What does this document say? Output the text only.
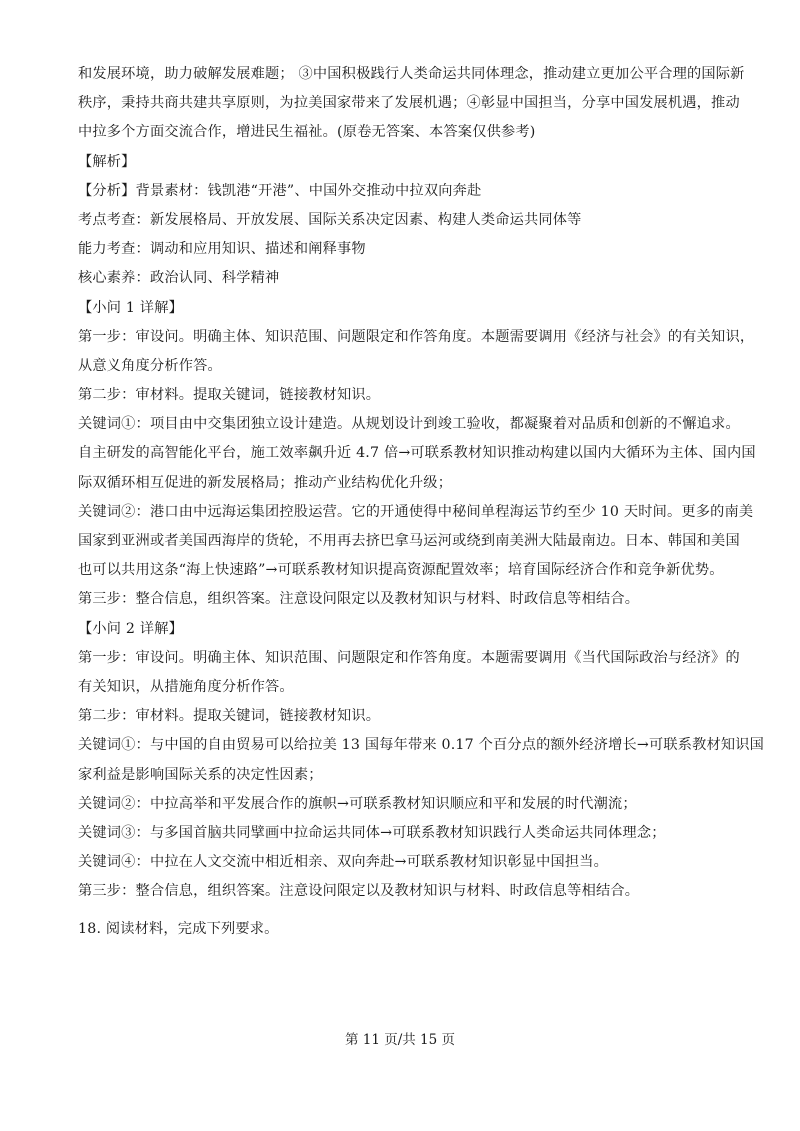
和发展环境，助力破解发展难题； ③中国积极践行人类命运共同体理念，推动建立更加公平合理的国际新
秩序，秉持共商共建共享原则，为拉美国家带来了发展机遇；④彰显中国担当，分享中国发展机遇，推动
中拉多个方面交流合作，增进民生福祉。(原卷无答案、本答案仅供参考)
【解析】
【分析】背景素材：钱凯港“开港”、中国外交推动中拉双向奔赴
考点考查：新发展格局、开放发展、国际关系决定因素、构建人类命运共同体等
能力考查：调动和应用知识、描述和阐释事物
核心素养：政治认同、科学精神
【小问 1 详解】
第一步：审设问。明确主体、知识范围、问题限定和作答角度。本题需要调用《经济与社会》的有关知识，
从意义角度分析作答。
第二步：审材料。提取关键词，链接教材知识。
关键词①：项目由中交集团独立设计建造。从规划设计到竣工验收，都凝聚着对品质和创新的不懈追求。
自主研发的高智能化平台，施工效率飙升近 4.7 倍→可联系教材知识推动构建以国内大循环为主体、国内国
际双循环相互促进的新发展格局；推动产业结构优化升级；
关键词②：港口由中远海运集团控股运营。它的开通使得中秘间单程海运节约至少 10 天时间。更多的南美
国家到亚洲或者美国西海岸的货轮，不用再去挤巴拿马运河或绕到南美洲大陆最南边。日本、韩国和美国
也可以共用这条“海上快速路”→可联系教材知识提高资源配置效率；培育国际经济合作和竞争新优势。
第三步：整合信息，组织答案。注意设问限定以及教材知识与材料、时政信息等相结合。
【小问 2 详解】
第一步：审设问。明确主体、知识范围、问题限定和作答角度。本题需要调用《当代国际政治与经济》的
有关知识，从措施角度分析作答。
第二步：审材料。提取关键词，链接教材知识。
关键词①：与中国的自由贸易可以给拉美 13 国每年带来 0.17 个百分点的额外经济增长→可联系教材知识国
家利益是影响国际关系的决定性因素；
关键词②：中拉高举和平发展合作的旗帜→可联系教材知识顺应和平和发展的时代潮流；
关键词③：与多国首脑共同擘画中拉命运共同体→可联系教材知识践行人类命运共同体理念；
关键词④：中拉在人文交流中相近相亲、双向奔赴→可联系教材知识彰显中国担当。
第三步：整合信息，组织答案。注意设问限定以及教材知识与材料、时政信息等相结合。
18. 阅读材料，完成下列要求。
第 11 页/共 15 页
